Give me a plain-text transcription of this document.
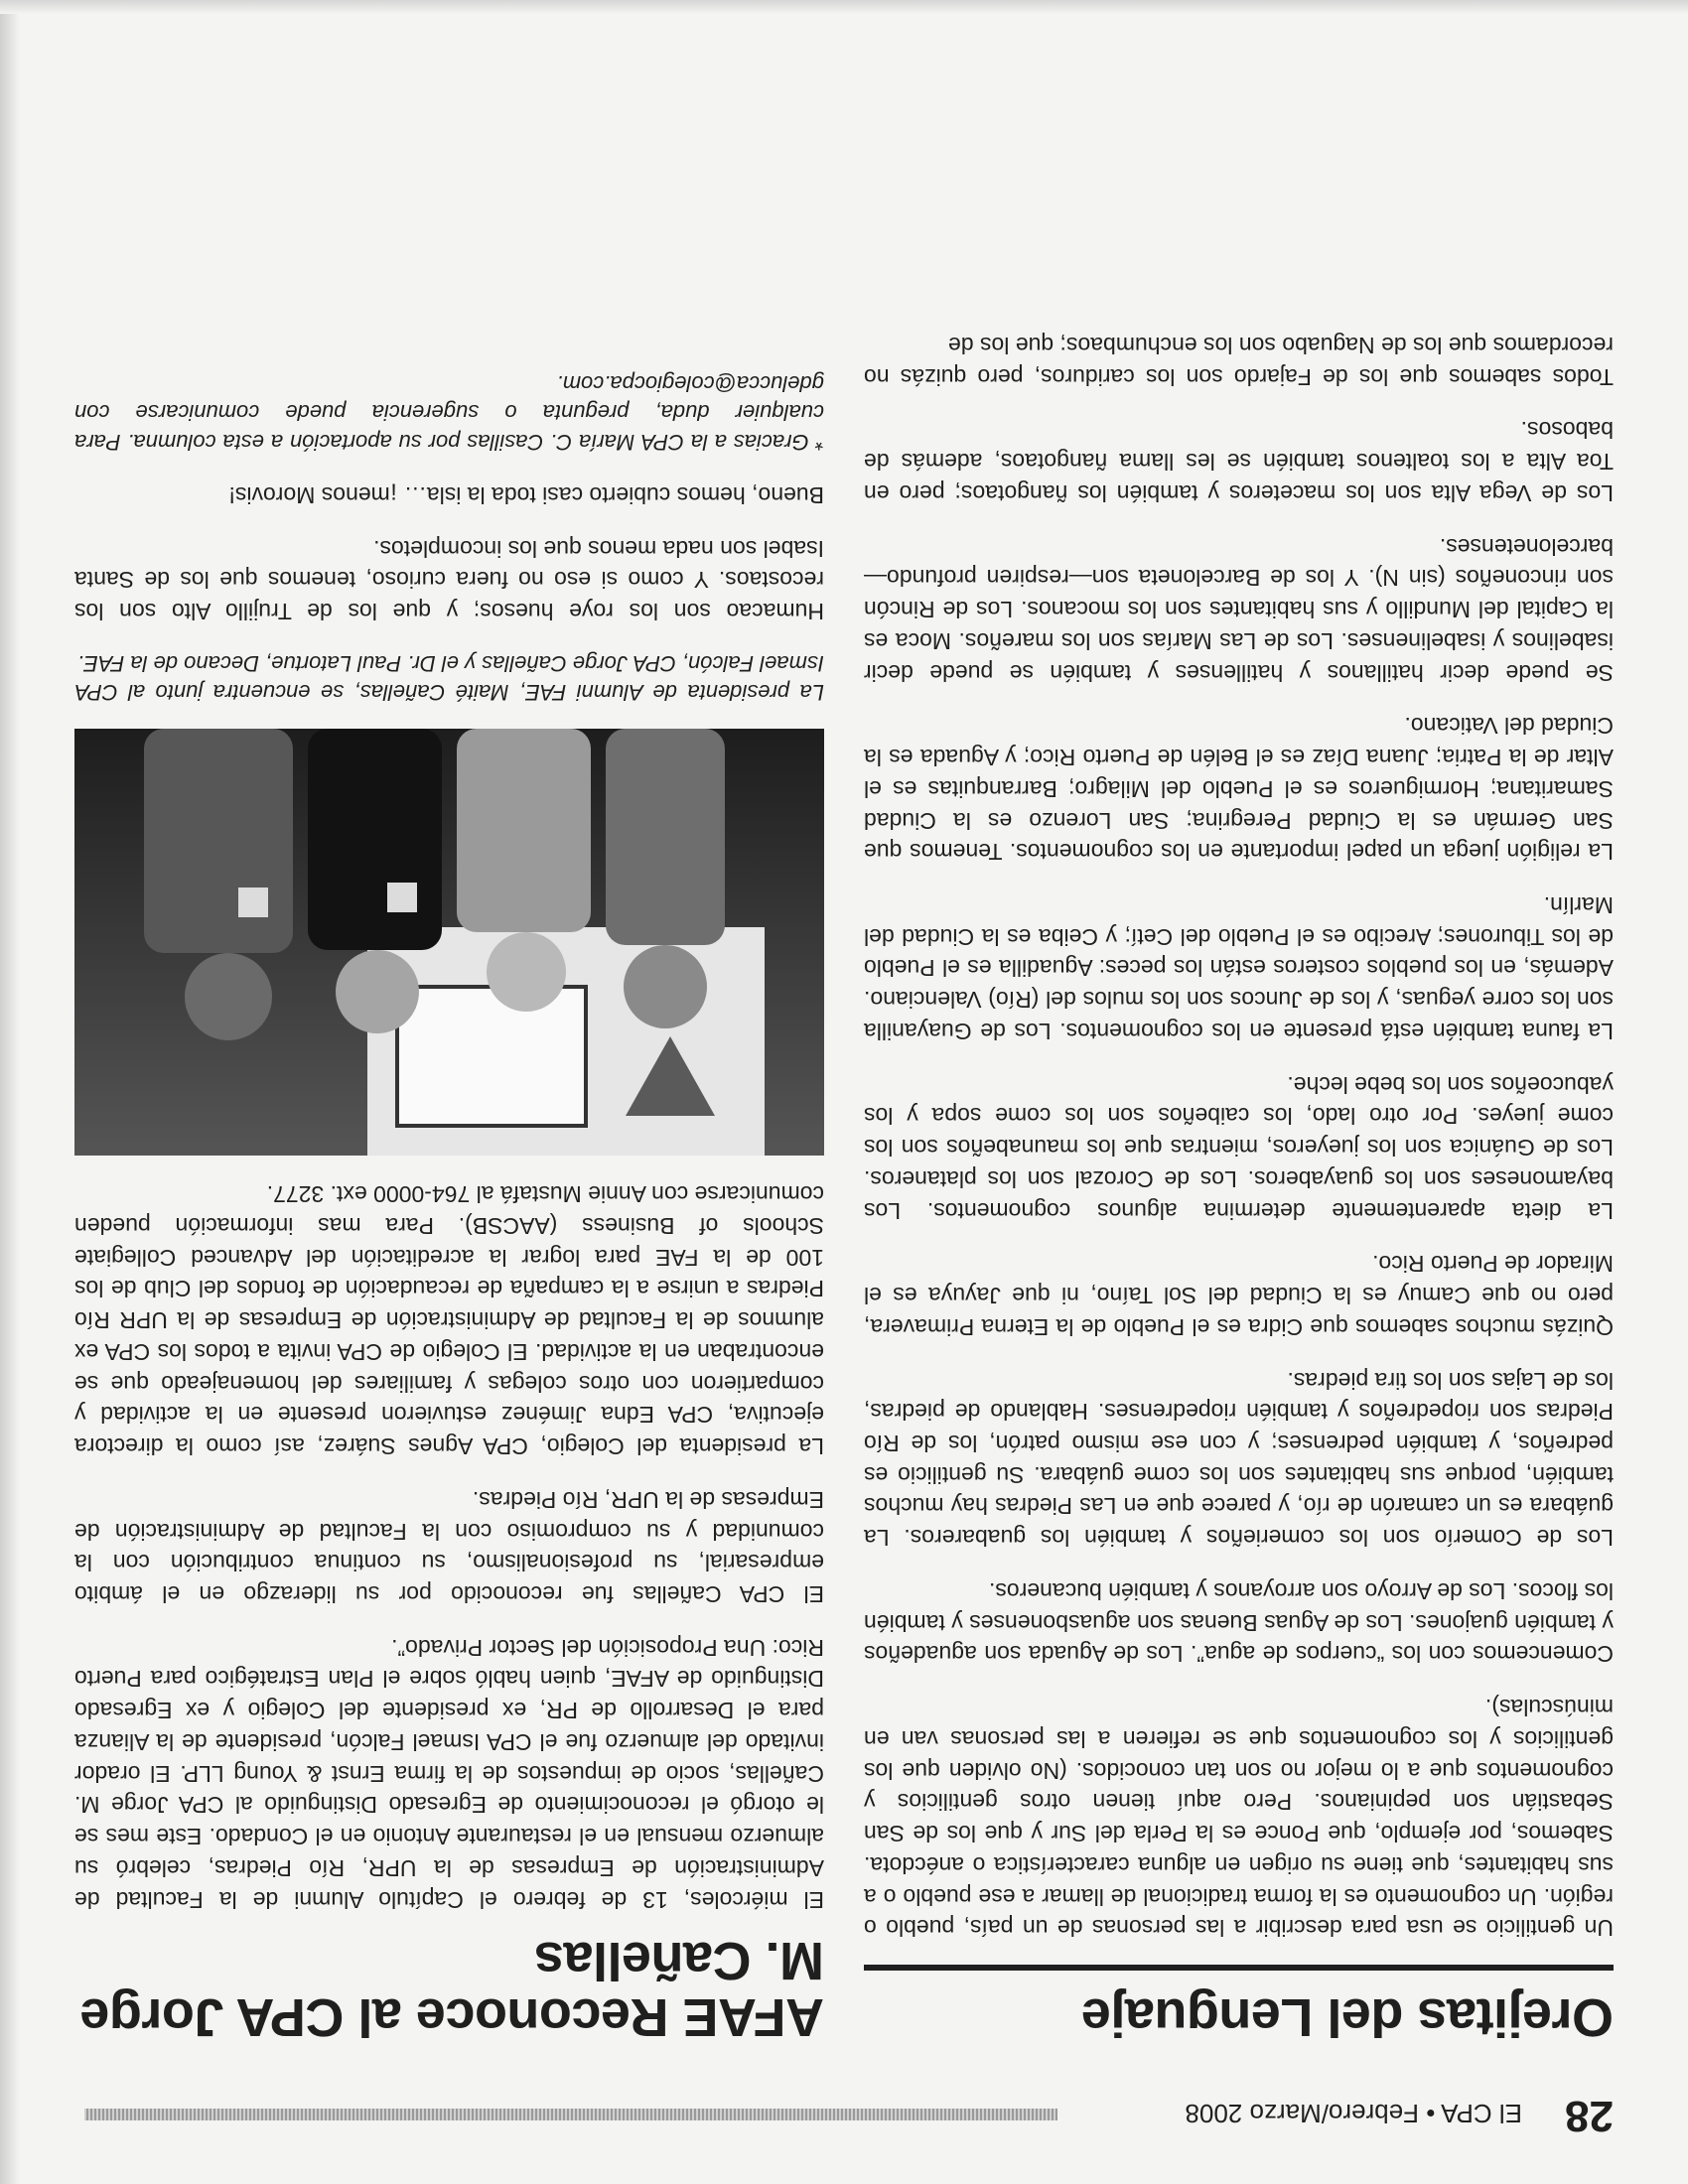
28
El CPA • Febrero/Marzo 2008
Orejitas del Lenguaje

Un gentilicio se usa para describir a las personas de un país, pueblo o región. Un cognomento es la forma tradicional de llamar a ese pueblo o a sus habitantes, que tiene su origen en alguna característica o anécdota. Sabemos, por ejemplo, que Ponce es la Perla del Sur y que los de San Sebastián son pepinianos. Pero aquí tienen otros gentilicios y cognomentos que a lo mejor no son tan conocidos. (No olviden que los gentilicios y los cognomentos que se refieren a las personas van en minúsculas).

Comencemos con los “cuerpos de agua”. Los de Aguada son aguadeños y también guajones. Los de Aguas Buenas son aguasbonenses y también los flocos. Los de Arroyo son arroyanos y también bucaneros.

Los de Comerío son los comerieños y también los guabareros. La guábara es un camarón de río, y parece que en Las Piedras hay muchos también, porque sus habitantes son los come guábara. Su gentilicio es pedreños, y también pedrenses; y con ese mismo patrón, los de Río Piedras son riopedreños y también riopedrenses. Hablando de piedras, los de Lajas son los tira piedras.

Quizás muchos sabemos que Cidra es el Pueblo de la Eterna Primavera, pero no que Camuy es la Ciudad del Sol Taíno, ni que Jayuya es el Mirador de Puerto Rico.

La dieta aparentemente determina algunos cognomentos. Los bayamoneses son los guayaberos. Los de Corozal son los plataneros. Los de Guánica son los jueyeros, mientras que los maunabeños son los come jueyes. Por otro lado, los caibeños son los come sopa y los yabucoeños son los bebe leche.

La fauna también está presente en los cognomentos. Los de Guayanilla son los corre yeguas, y los de Juncos son los mulos del (Río) Valenciano. Además, en los pueblos costeros están los peces: Aguadilla es el Pueblo de los Tiburones; Arecibo es el Pueblo del Cetí; y Ceiba es la Ciudad del Marlín.

La religión juega un papel importante en los cognomentos. Tenemos que San Germán es la Ciudad Peregrina; San Lorenzo es la Ciudad Samaritana; Hormigueros es el Pueblo del Milagro; Barranquitas es el Altar de la Patria; Juana Díaz es el Belén de Puerto Rico; y Aguada es la Ciudad del Vaticano.

Se puede decir hatillanos y hatillenses y también se puede decir isabelinos y isabelinenses. Los de Las Marías son los mareños. Moca es la Capital del Mundillo y sus habitantes son los mocanos. Los de Rincón son rinconeños (sin N). Y los de Barceloneta son—respiren profundo—barcelonetenses.

Los de Vega Alta son los maceteros y también los ñangotaos; pero en Toa Alta a los toaltenos también se les llama ñangotaos, además de babosos.

Todos sabemos que los de Fajardo son los cariduros, pero quizás no recordamos que los de Naguabo son los enchumbaos; que los de

AFAE Reconoce al CPA Jorge M. Cañellas

El miércoles, 13 de febrero el Capítulo Alumni de la Facultad de Administración de Empresas de la UPR, Río Piedras, celebró su almuerzo mensual en el restaurante Antonio en el Condado. Este mes se le otorgó el reconocimiento de Egresado Distinguido al CPA Jorge M. Cañellas, socio de impuestos de la firma Ernst & Young LLP. El orador invitado del almuerzo fue el CPA Ismael Falcón, presidente de la Alianza para el Desarrollo de PR, ex presidente del Colegio y ex Egresado Distinguido de AFAE, quien habló sobre el Plan Estratégico para Puerto Rico: Una Proposición del Sector Privado”.

El CPA Cañellas fue reconocido por su liderazgo en el ámbito empresarial, su profesionalismo, su continua contribución con la comunidad y su compromiso con la Facultad de Administración de Empresas de la UPR, Río Piedras.

La presidenta del Colegio, CPA Agnes Suárez, así como la directora ejecutiva, CPA Edna Jiménez estuvieron presente en la actividad y compartieron con otros colegas y familiares del homenajeado que se encontraban en la actividad. El Colegio de CPA invita a todos los CPA ex alumnos de la Facultad de Administración de Empresas de la UPR Río Piedras a unirse a la campaña de recaudación de fondos del Club de los 100 de la FAE para lograr la acreditación del Advanced Collegiate Schools of Business (AACSB). Para mas información pueden comunicarse con Annie Mustafá al 764-0000 ext. 3277.

La presidenta de Alumni FAE, Maité Cañellas, se encuentra junto al CPA Ismael Falcón, CPA Jorge Cañellas y el Dr. Paul Latortue, Decano de la FAE.

Humacao son los roye huesos; y que los de Trujillo Alto son los recostaos. Y como si eso no fuera curioso, tenemos que los de Santa Isabel son nada menos que los incompletos.

Bueno, hemos cubierto casi toda la isla… ¡menos Morovis!

* Gracias a la CPA María C. Casillas por su aportación a esta columna. Para cualquier duda, pregunta o sugerencia puede comunicarse con gdelucca@colegiocpa.com.
